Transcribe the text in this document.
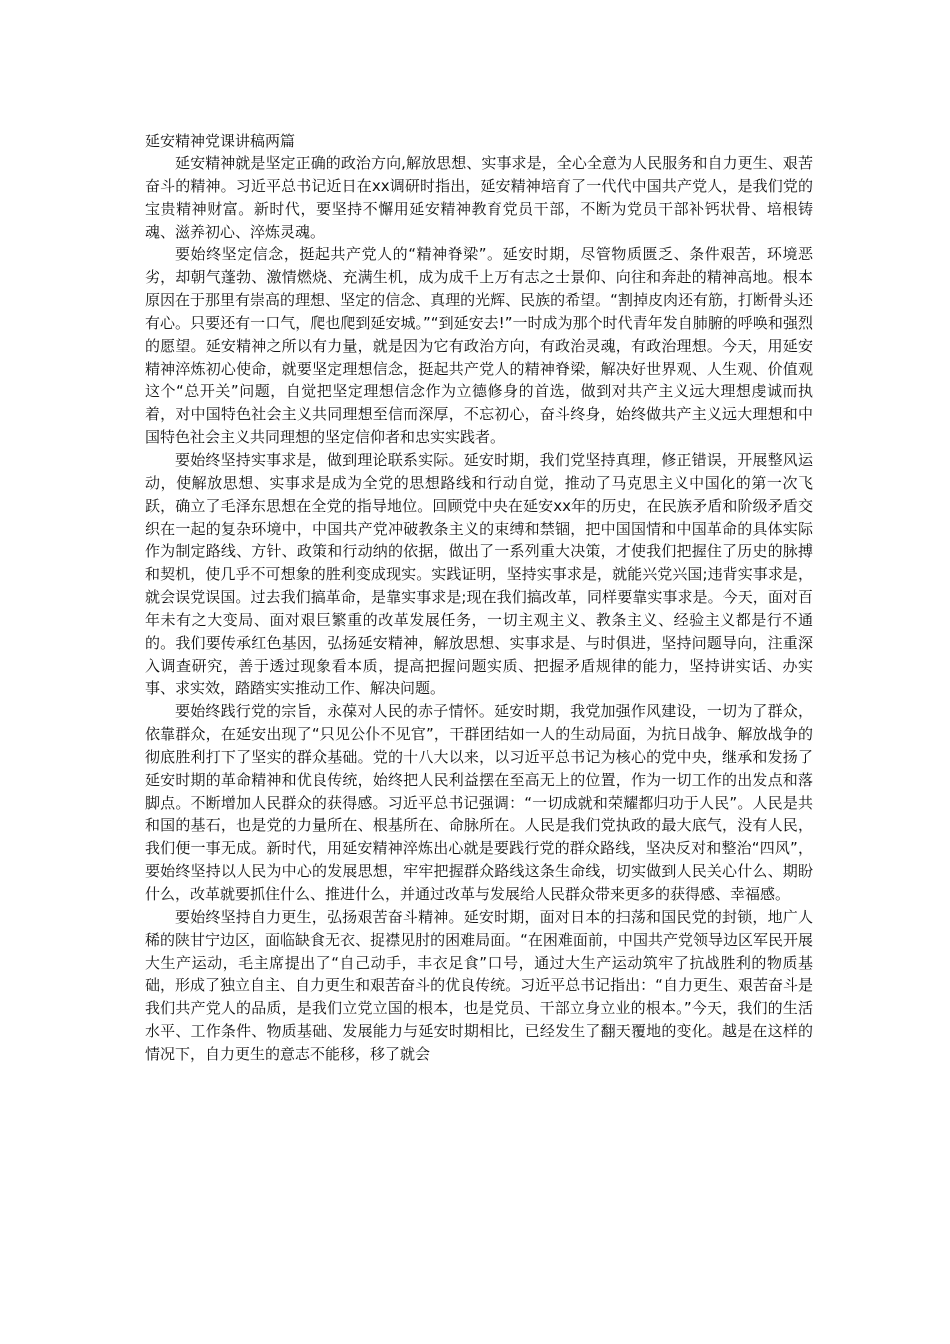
延安精神党课讲稿两篇

延安精神就是坚定正确的政治方向,解放思想、实事求是，全心全意为人民服务和自力更生、艰苦奋斗的精神。习近平总书记近日在xx调研时指出，延安精神培育了一代代中国共产党人，是我们党的宝贵精神财富。新时代，要坚持不懈用延安精神教育党员干部，不断为党员干部补钙状骨、培根铸魂、滋养初心、淬炼灵魂。

要始终坚定信念，挺起共产党人的“精神脊梁”。延安时期，尽管物质匮乏、条件艰苦，环境恶劣，却朝气蓬勃、激情燃烧、充满生机，成为成千上万有志之士景仰、向往和奔赴的精神高地。根本原因在于那里有崇高的理想、坚定的信念、真理的光辉、民族的希望。“割掉皮肉还有筋，打断骨头还有心。只要还有一口气，爬也爬到延安城。”“到延安去!”一时成为那个时代青年发自肺腑的呼唤和强烈的愿望。延安精神之所以有力量，就是因为它有政治方向，有政治灵魂，有政治理想。今天，用延安精神淬炼初心使命，就要坚定理想信念，挺起共产党人的精神脊梁，解决好世界观、人生观、价值观这个“总开关”问题，自觉把坚定理想信念作为立德修身的首选，做到对共产主义远大理想虔诚而执着，对中国特色社会主义共同理想至信而深厚，不忘初心，奋斗终身，始终做共产主义远大理想和中国特色社会主义共同理想的坚定信仰者和忠实实践者。

要始终坚持实事求是，做到理论联系实际。延安时期，我们党坚持真理，修正错误，开展整风运动，使解放思想、实事求是成为全党的思想路线和行动自觉，推动了马克思主义中国化的第一次飞跃，确立了毛泽东思想在全党的指导地位。回顾党中央在延安xx年的历史，在民族矛盾和阶级矛盾交织在一起的复杂环境中，中国共产党冲破教条主义的束缚和禁锢，把中国国情和中国革命的具体实际作为制定路线、方针、政策和行动纳的依据，做出了一系列重大决策，才使我们把握住了历史的脉搏和契机，使几乎不可想象的胜利变成现实。实践证明，坚持实事求是，就能兴党兴国;违背实事求是，就会误党误国。过去我们搞革命，是靠实事求是;现在我们搞改革，同样要靠实事求是。今天，面对百年未有之大变局、面对艰巨繁重的改革发展任务，一切主观主义、教条主义、经验主义都是行不通的。我们要传承红色基因，弘扬延安精神，解放思想、实事求是、与时俱进，坚持问题导向，注重深入调查研究，善于透过现象看本质，提高把握问题实质、把握矛盾规律的能力，坚持讲实话、办实事、求实效，踏踏实实推动工作、解决问题。

要始终践行党的宗旨，永葆对人民的赤子情怀。延安时期，我党加强作风建设，一切为了群众，依靠群众，在延安出现了“只见公仆不见官”，干群团结如一人的生动局面，为抗日战争、解放战争的彻底胜利打下了坚实的群众基础。党的十八大以来，以习近平总书记为核心的党中央，继承和发扬了延安时期的革命精神和优良传统，始终把人民利益摆在至高无上的位置，作为一切工作的出发点和落脚点。不断增加人民群众的获得感。习近平总书记强调：“一切成就和荣耀都归功于人民”。人民是共和国的基石，也是党的力量所在、根基所在、命脉所在。人民是我们党执政的最大底气，没有人民，我们便一事无成。新时代，用延安精神淬炼出心就是要践行党的群众路线，坚决反对和整治“四风”，要始终坚持以人民为中心的发展思想，牢牢把握群众路线这条生命线，切实做到人民关心什么、期盼什么，改革就要抓住什么、推进什么，并通过改革与发展给人民群众带来更多的获得感、幸福感。

要始终坚持自力更生，弘扬艰苦奋斗精神。延安时期，面对日本的扫荡和国民党的封锁，地广人稀的陕甘宁边区，面临缺食无衣、捉襟见肘的困难局面。“在困难面前，中国共产党领导边区军民开展大生产运动，毛主席提出了“自己动手，丰衣足食”口号，通过大生产运动筑牢了抗战胜利的物质基础，形成了独立自主、自力更生和艰苦奋斗的优良传统。习近平总书记指出：“自力更生、艰苦奋斗是我们共产党人的品质，是我们立党立国的根本，也是党员、干部立身立业的根本。”今天，我们的生活水平、工作条件、物质基础、发展能力与延安时期相比，已经发生了翻天覆地的变化。越是在这样的情况下，自力更生的意志不能移，移了就会
